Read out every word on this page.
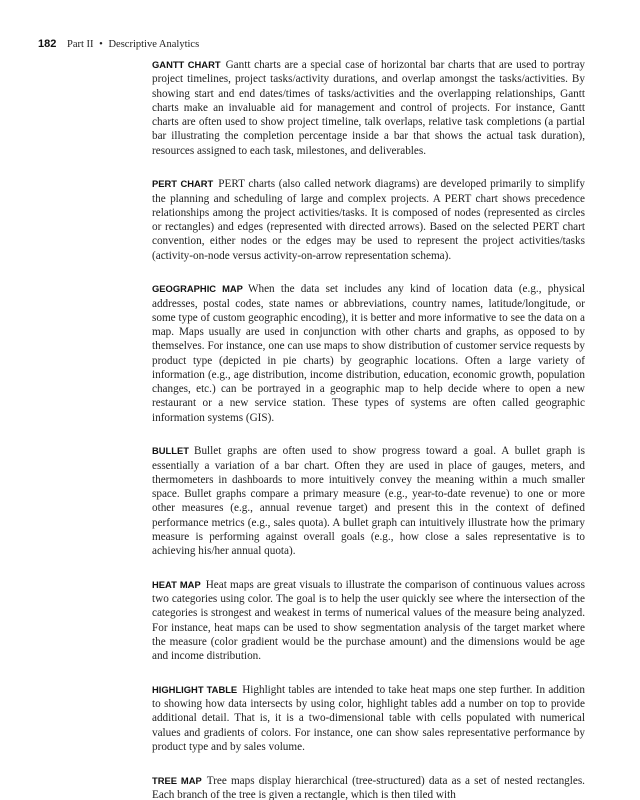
182 Part II • Descriptive Analytics

GANTT CHART Gantt charts are a special case of horizontal bar charts that are used to portray project timelines, project tasks/activity durations, and overlap amongst the tasks/activities. By showing start and end dates/times of tasks/activities and the overlapping relationships, Gantt charts make an invaluable aid for management and control of projects. For instance, Gantt charts are often used to show project timeline, talk overlaps, relative task completions (a partial bar illustrating the completion percentage inside a bar that shows the actual task duration), resources assigned to each task, milestones, and deliverables.

PERT CHART PERT charts (also called network diagrams) are developed primarily to simplify the planning and scheduling of large and complex projects. A PERT chart shows precedence relationships among the project activities/tasks. It is composed of nodes (represented as circles or rectangles) and edges (represented with directed arrows). Based on the selected PERT chart convention, either nodes or the edges may be used to represent the project activities/tasks (activity-on-node versus activity-on-arrow representation schema).

GEOGRAPHIC MAP When the data set includes any kind of location data (e.g., physical addresses, postal codes, state names or abbreviations, country names, latitude/longitude, or some type of custom geographic encoding), it is better and more informative to see the data on a map. Maps usually are used in conjunction with other charts and graphs, as opposed to by themselves. For instance, one can use maps to show distribution of customer service requests by product type (depicted in pie charts) by geographic locations. Often a large variety of information (e.g., age distribution, income distribution, education, economic growth, population changes, etc.) can be portrayed in a geographic map to help decide where to open a new restaurant or a new service station. These types of systems are often called geographic information systems (GIS).

BULLET Bullet graphs are often used to show progress toward a goal. A bullet graph is essentially a variation of a bar chart. Often they are used in place of gauges, meters, and thermometers in dashboards to more intuitively convey the meaning within a much smaller space. Bullet graphs compare a primary measure (e.g., year-to-date revenue) to one or more other measures (e.g., annual revenue target) and present this in the context of defined performance metrics (e.g., sales quota). A bullet graph can intuitively illustrate how the primary measure is performing against overall goals (e.g., how close a sales representative is to achieving his/her annual quota).

HEAT MAP Heat maps are great visuals to illustrate the comparison of continuous values across two categories using color. The goal is to help the user quickly see where the intersection of the categories is strongest and weakest in terms of numerical values of the measure being analyzed. For instance, heat maps can be used to show segmentation analysis of the target market where the measure (color gradient would be the purchase amount) and the dimensions would be age and income distribution.

HIGHLIGHT TABLE Highlight tables are intended to take heat maps one step further. In addition to showing how data intersects by using color, highlight tables add a number on top to provide additional detail. That is, it is a two-dimensional table with cells populated with numerical values and gradients of colors. For instance, one can show sales representative performance by product type and by sales volume.

TREE MAP Tree maps display hierarchical (tree-structured) data as a set of nested rectangles. Each branch of the tree is given a rectangle, which is then tiled with
